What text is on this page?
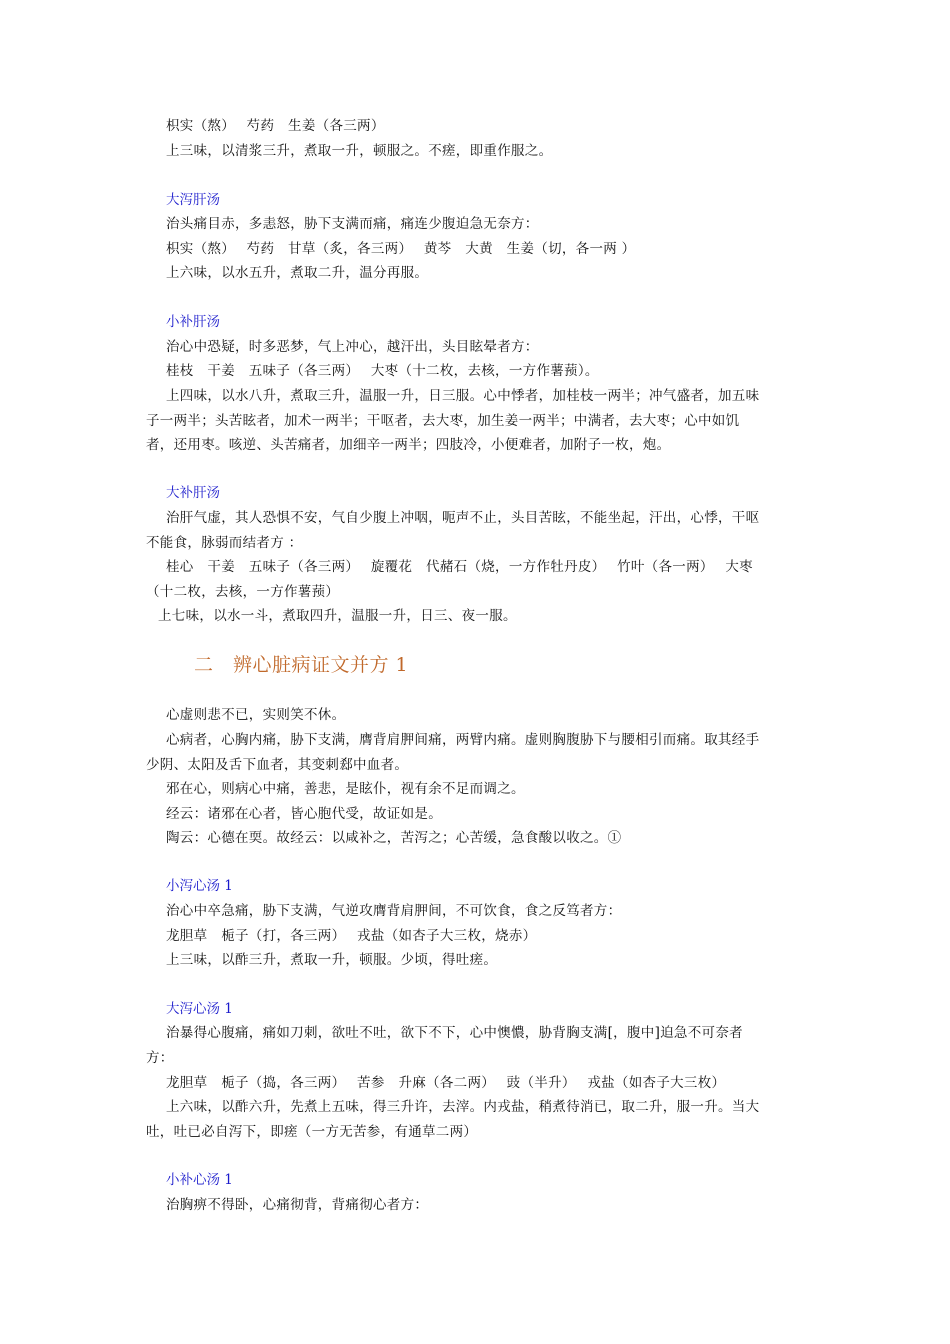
枳实（熬）　 芍药　生姜（各三两）

上三味，以清浆三升，煮取一升，顿服之。不瘥，即重作服之。

大泻肝汤

治头痛目赤，多恚怒，胁下支满而痛，痛连少腹迫急无奈方：

枳实（熬）　 芍药　甘草（炙，各三两）　 黄芩　大黄　生姜（切，各一两 ）

上六味，以水五升，煮取二升，温分再服。

小补肝汤

治心中恐疑，时多恶梦，气上冲心，越汗出，头目眩晕者方：

桂枝　干姜　五味子（各三两）　 大枣（十二枚，去核，一方作薯蓣）。

上四味，以水八升，煮取三升，温服一升，日三服。心中悸者，加桂枝一两半；冲气盛者，加五味子一两半；头苦眩者，加术一两半；干呕者，去大枣，加生姜一两半；中满者，去大枣；心中如饥者，还用枣。咳逆、头苦痛者，加细辛一两半；四肢冷，小便难者，加附子一枚，炮。

大补肝汤

治肝气虚，其人恐惧不安，气自少腹上冲咽，呃声不止，头目苦眩，不能坐起，汗出，心悸，干呕不能食，脉弱而结者方 ：

桂心　干姜　五味子（各三两）　 旋覆花　代赭石（烧，一方作牡丹皮）　 竹叶（各一两）　 大枣（十二枚，去核，一方作薯蓣）

上七味，以水一斗，煮取四升，温服一升，日三、夜一服。

二　辨心脏病证文并方 1

心虚则悲不已，实则笑不休。

心病者，心胸内痛，胁下支满，膺背肩胛间痛，两臂内痛。虚则胸腹胁下与腰相引而痛。取其经手少阴、太阳及舌下血者，其变刺郄中血者。

邪在心，则病心中痛，善悲，是眩仆，视有余不足而调之。

经云：诸邪在心者，皆心胞代受，故证如是。

陶云：心德在耎。故经云：以咸补之，苦泻之；心苦缓，急食酸以收之。①

小泻心汤 1

治心中卒急痛，胁下支满，气逆攻膺背肩胛间，不可饮食，食之反笃者方：

龙胆草　栀子（打，各三两）　 戎盐（如杏子大三枚，烧赤）

上三味，以酢三升，煮取一升，顿服。少顷，得吐瘥。

大泻心汤 1

治暴得心腹痛，痛如刀刺，欲吐不吐，欲下不下，心中懊憹，胁背胸支满[，腹中]迫急不可奈者方：

龙胆草　栀子（捣，各三两）　 苦参　升麻（各二两）　 豉（半升）　 戎盐（如杏子大三枚）

上六味，以酢六升，先煮上五味，得三升许，去滓。内戎盐，稍煮待消已，取二升，服一升。当大吐，吐已必自泻下，即瘥（一方无苦参，有通草二两）

小补心汤 1

治胸痹不得卧，心痛彻背，背痛彻心者方：
